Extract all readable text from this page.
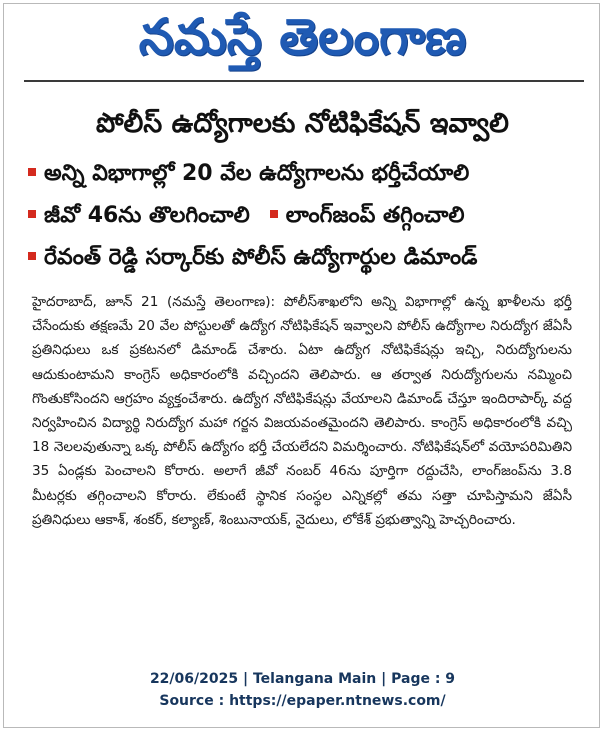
నమస్తే తెలంగాణ
పోలీస్ ఉద్యోగాలకు నోటిఫికేషన్ ఇవ్వాలి
అన్ని విభాగాల్లో 20 వేల ఉద్యోగాలను భర్తీచేయాలి
జీవో 46ను తొలగించాలి లాంగ్‌జంప్ తగ్గించాలి
రేవంత్ రెడ్డి సర్కార్‌కు పోలీస్ ఉద్యోగార్థుల డిమాండ్
హైదరాబాద్, జూన్ 21 (నమస్తే తెలంగాణ): పోలీస్‌శాఖలోని అన్ని విభాగాల్లో ఉన్న ఖాళీలను భర్తీ చేసేందుకు తక్షణమే 20 వేల పోస్టులతో ఉద్యోగ నోటిఫికేషన్ ఇవ్వాలని పోలీస్ ఉద్యోగాల నిరుద్యోగ జేఏసీ ప్రతినిధులు ఒక ప్రకటనలో డిమాండ్ చేశారు. ఏటా ఉద్యోగ నోటిఫికేషన్లు ఇచ్చి, నిరుద్యోగులను ఆదుకుంటామని కాంగ్రెస్ అధికారంలోకి వచ్చిందని తెలిపారు. ఆ తర్వాత నిరుద్యోగులను నమ్మించి గొంతుకోసిందని ఆగ్రహం వ్యక్తంచేశారు. ఉద్యోగ నోటిఫికేషన్లు వేయాలని డిమాండ్ చేస్తూ ఇందిరాపార్క్ వద్ద నిర్వహించిన విద్యార్థి నిరుద్యోగ మహా గర్జన విజయవంతమైందని తెలిపారు. కాంగ్రెస్ అధికారంలోకి వచ్చి 18 నెలలవుతున్నా ఒక్క పోలీస్ ఉద్యోగం భర్తీ చేయలేదని విమర్శించారు. నోటిఫికేషన్‌లో వయోపరిమితిని 35 ఏండ్లకు పెంచాలని కోరారు. అలాగే జీవో నంబర్ 46ను పూర్తిగా రద్దుచేసి, లాంగ్‌జంప్‌ను 3.8 మీటర్లకు తగ్గించాలని కోరారు. లేకుంటే స్థానిక సంస్థల ఎన్నికల్లో తమ సత్తా చూపిస్తామని జేఏసీ ప్రతినిధులు ఆకాశ్, శంకర్, కల్యాణ్, శింబునాయక్, నైదులు, లోకేశ్ ప్రభుత్వాన్ని హెచ్చరించారు.
22/06/2025 | Telangana Main | Page : 9
Source : https://epaper.ntnews.com/
